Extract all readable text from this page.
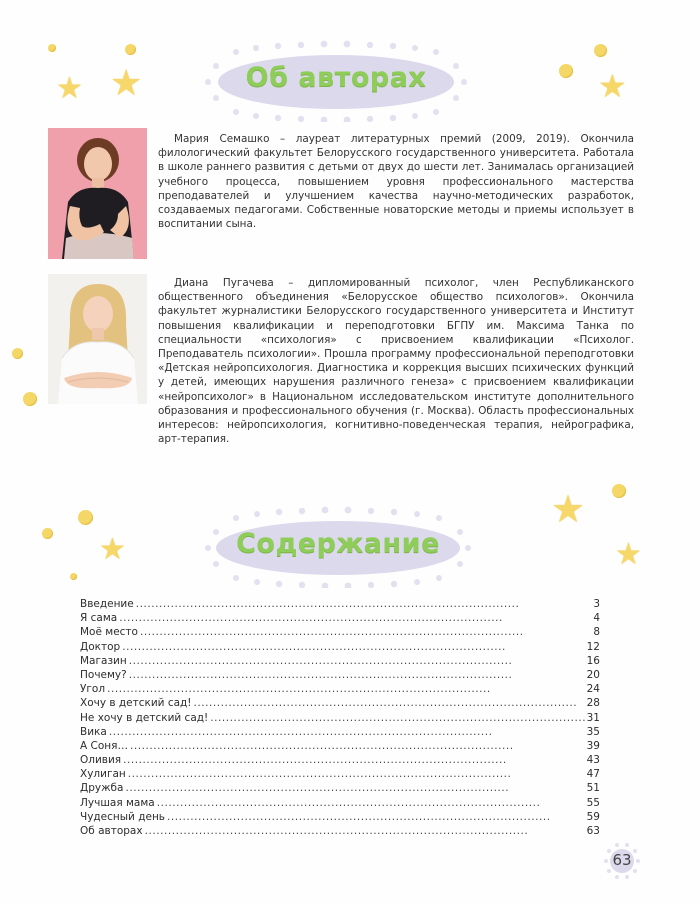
★ ★	★
★
★
★
Об авторах
Мария Семашко – лауреат литературных премий (2009, 2019). Окончила филологический факультет Белорусского государственного университета. Работала в школе раннего развития с детьми от двух до шести лет. Занималась организацией учебного процесса, повышением уровня профессионального мастерства преподавателей и улучшением качества научно-методических разработок, создаваемых педагогами. Собственные новаторские методы и приемы использует в воспитании сына.
Диана Пугачева – дипломированный психолог, член Республиканского общественного объединения «Белорусское общество психологов». Окончила факультет журналистики Белорусского государственного университета и Институт повышения квалификации и переподготовки БГПУ им. Максима Танка по специальности «психология» с присвоением квалификации «Психолог. Преподаватель психологии». Прошла программу профессиональной переподготовки «Детская нейропсихология. Диагностика и коррекция высших психических функций у детей, имеющих нарушения различного генеза» с присвоением квалификации «нейропсихолог» в Национальном исследовательском институте дополнительного образования и профессионального обучения (г. Москва). Область профессиональных интересов: нейропсихология, когнитивно-поведенческая терапия, нейрографика, арт-терапия.
Содержание
Введение . . .	3
Я сама . . .	4
Моё место . . .	8
Доктор . . .	12
Магазин . . .	16
Почему? . . .	20
Угол . . .	24
Хочу в детский сад! . . .	28
Не хочу в детский сад! . . .	31
Вика . . .	35
А Соня… . . .	39
Оливия . . .	43
Хулиган . . .	47
Дружба . . .	51
Лучшая мама . . .	55
Чудесный день . . .	59
Об авторах . . .	63
63
